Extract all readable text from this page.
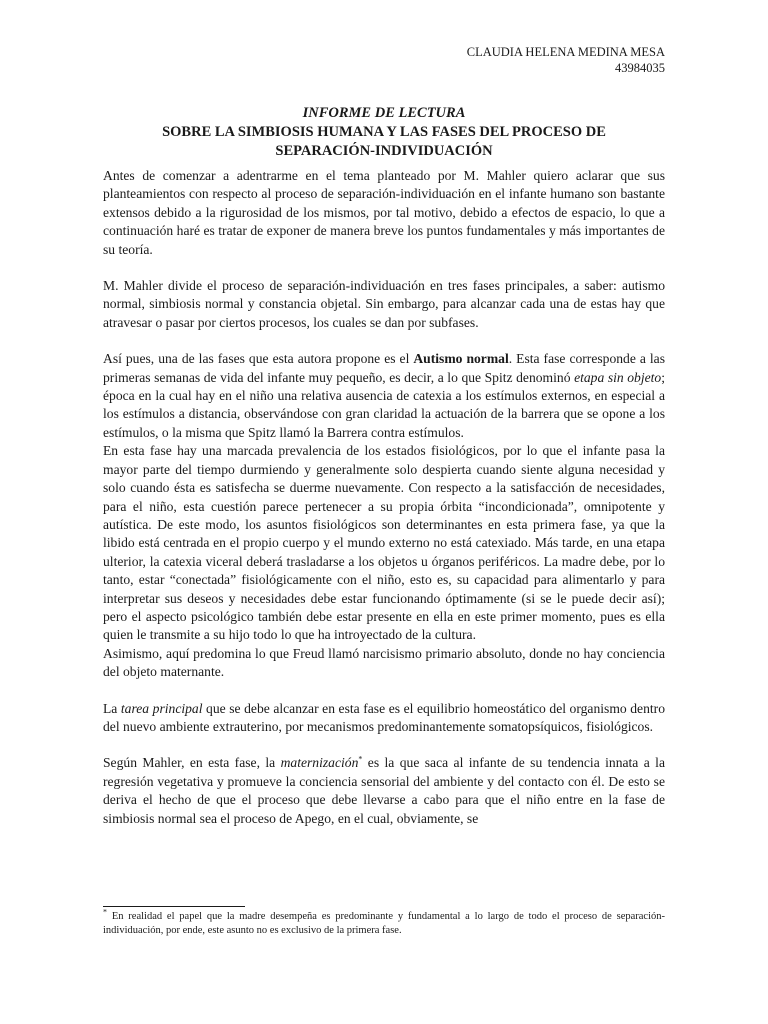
CLAUDIA HELENA MEDINA MESA
43984035
INFORME DE LECTURA
SOBRE LA SIMBIOSIS HUMANA Y LAS FASES DEL PROCESO DE
SEPARACIÓN-INDIVIDUACIÓN

Antes de comenzar a adentrarme en el tema planteado por M. Mahler quiero aclarar que sus planteamientos con respecto al proceso de separación-individuación en el infante humano son bastante extensos debido a la rigurosidad de los mismos, por tal motivo, debido a efectos de espacio, lo que a continuación haré es tratar de exponer de manera breve los puntos fundamentales y más importantes de su teoría.

M. Mahler divide el proceso de separación-individuación en tres fases principales, a saber: autismo normal, simbiosis normal y constancia objetal. Sin embargo, para alcanzar cada una de estas hay que atravesar o pasar por ciertos procesos, los cuales se dan por subfases.

Así pues, una de las fases que esta autora propone es el Autismo normal. Esta fase corresponde a las primeras semanas de vida del infante muy pequeño, es decir, a lo que Spitz denominó etapa sin objeto; época en la cual hay en el niño una relativa ausencia de catexia a los estímulos externos, en especial a los estímulos a distancia, observándose con gran claridad la actuación de la barrera que se opone a los estímulos, o la misma que Spitz llamó la Barrera contra estímulos.

En esta fase hay una marcada prevalencia de los estados fisiológicos, por lo que el infante pasa la mayor parte del tiempo durmiendo y generalmente solo despierta cuando siente alguna necesidad y solo cuando ésta es satisfecha se duerme nuevamente. Con respecto a la satisfacción de necesidades, para el niño, esta cuestión parece pertenecer a su propia órbita “incondicionada”, omnipotente y autística. De este modo, los asuntos fisiológicos son determinantes en esta primera fase, ya que la libido está centrada en el propio cuerpo y el mundo externo no está catexiado. Más tarde, en una etapa ulterior, la catexia vісeral deberá trasladarse a los objetos u órganos periféricos. La madre debe, por lo tanto, estar “conectada” fisiológicamente con el niño, esto es, su capacidad para alimentarlo y para interpretar sus deseos y necesidades debe estar funcionando óptimamente (si se le puede decir así); pero el aspecto psicológico también debe estar presente en ella en este primer momento, pues es ella quien le transmite a su hijo todo lo que ha introyectado de la cultura.

Asimismo, aquí predomina lo que Freud llamó narcisismo primario absoluto, donde no hay conciencia del objeto maternante.

La tarea principal que se debe alcanzar en esta fase es el equilibrio homeostático del organismo dentro del nuevo ambiente extrauterino, por mecanismos predominantemente somatopsíquicos, fisiológicos.

Según Mahler, en esta fase, la maternización* es la que saca al infante de su tendencia innata a la regresión vegetativa y promueve la conciencia sensorial del ambiente y del contacto con él. De esto se deriva el hecho de que el proceso que debe llevarse a cabo para que el niño entre en la fase de simbiosis normal sea el proceso de Apego, en el cual, obviamente, se

* En realidad el papel que la madre desempeña es predominante y fundamental a lo largo de todo el proceso de separación-individuación, por ende, este asunto no es exclusivo de la primera fase.
